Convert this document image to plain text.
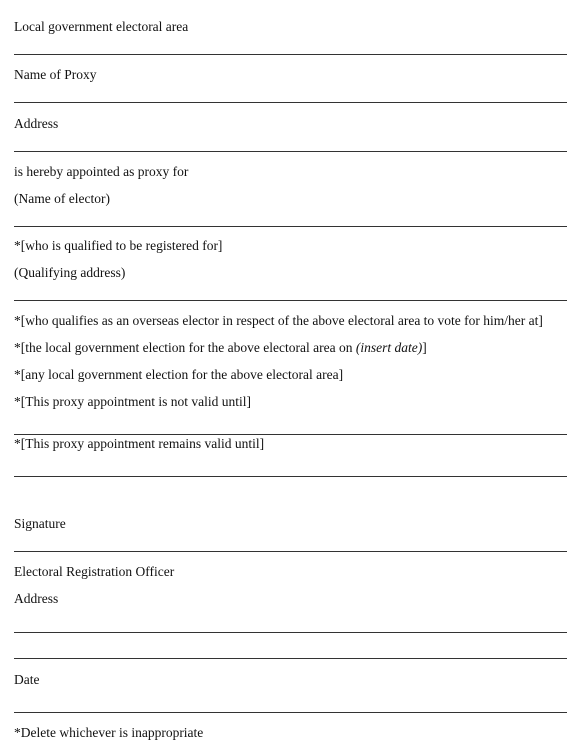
Local government electoral area
Name of Proxy
Address
is hereby appointed as proxy for
(Name of elector)
*[who is qualified to be registered for]
(Qualifying address)
*[who qualifies as an overseas elector in respect of the above electoral area to vote for him/her at]
*[the local government election for the above electoral area on (insert date)]
*[any local government election for the above electoral area]
*[This proxy appointment is not valid until]
*[This proxy appointment remains valid until]
Signature
Electoral Registration Officer
Address
Date
*Delete whichever is inappropriate
